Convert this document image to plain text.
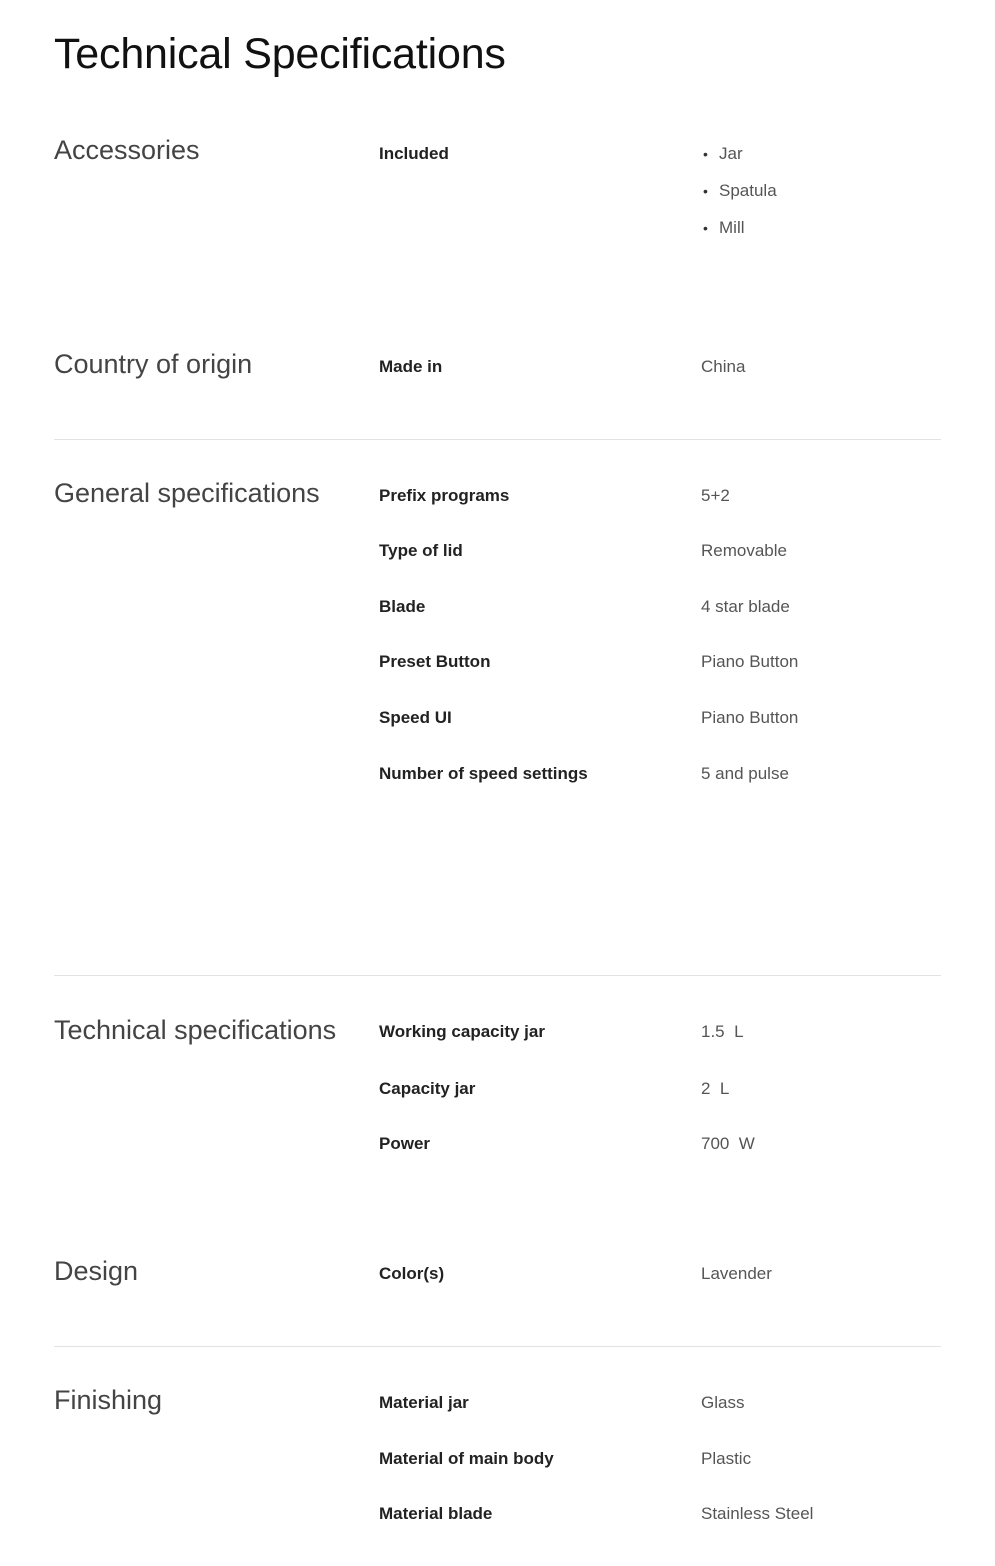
Technical Specifications
Accessories	Included	• Jar
• Spatula
• Mill
Country of origin	Made in	China
General specifications	Prefix programs	5+2
Type of lid	Removable
Blade	4 star blade
Preset Button	Piano Button
Speed UI	Piano Button
Number of speed settings	5 and pulse
Technical specifications	Working capacity jar	1.5  L
Capacity jar	2  L
Power	700  W
Design	Color(s)	Lavender
Finishing	Material jar	Glass
Material of main body	Plastic
Material blade	Stainless Steel
